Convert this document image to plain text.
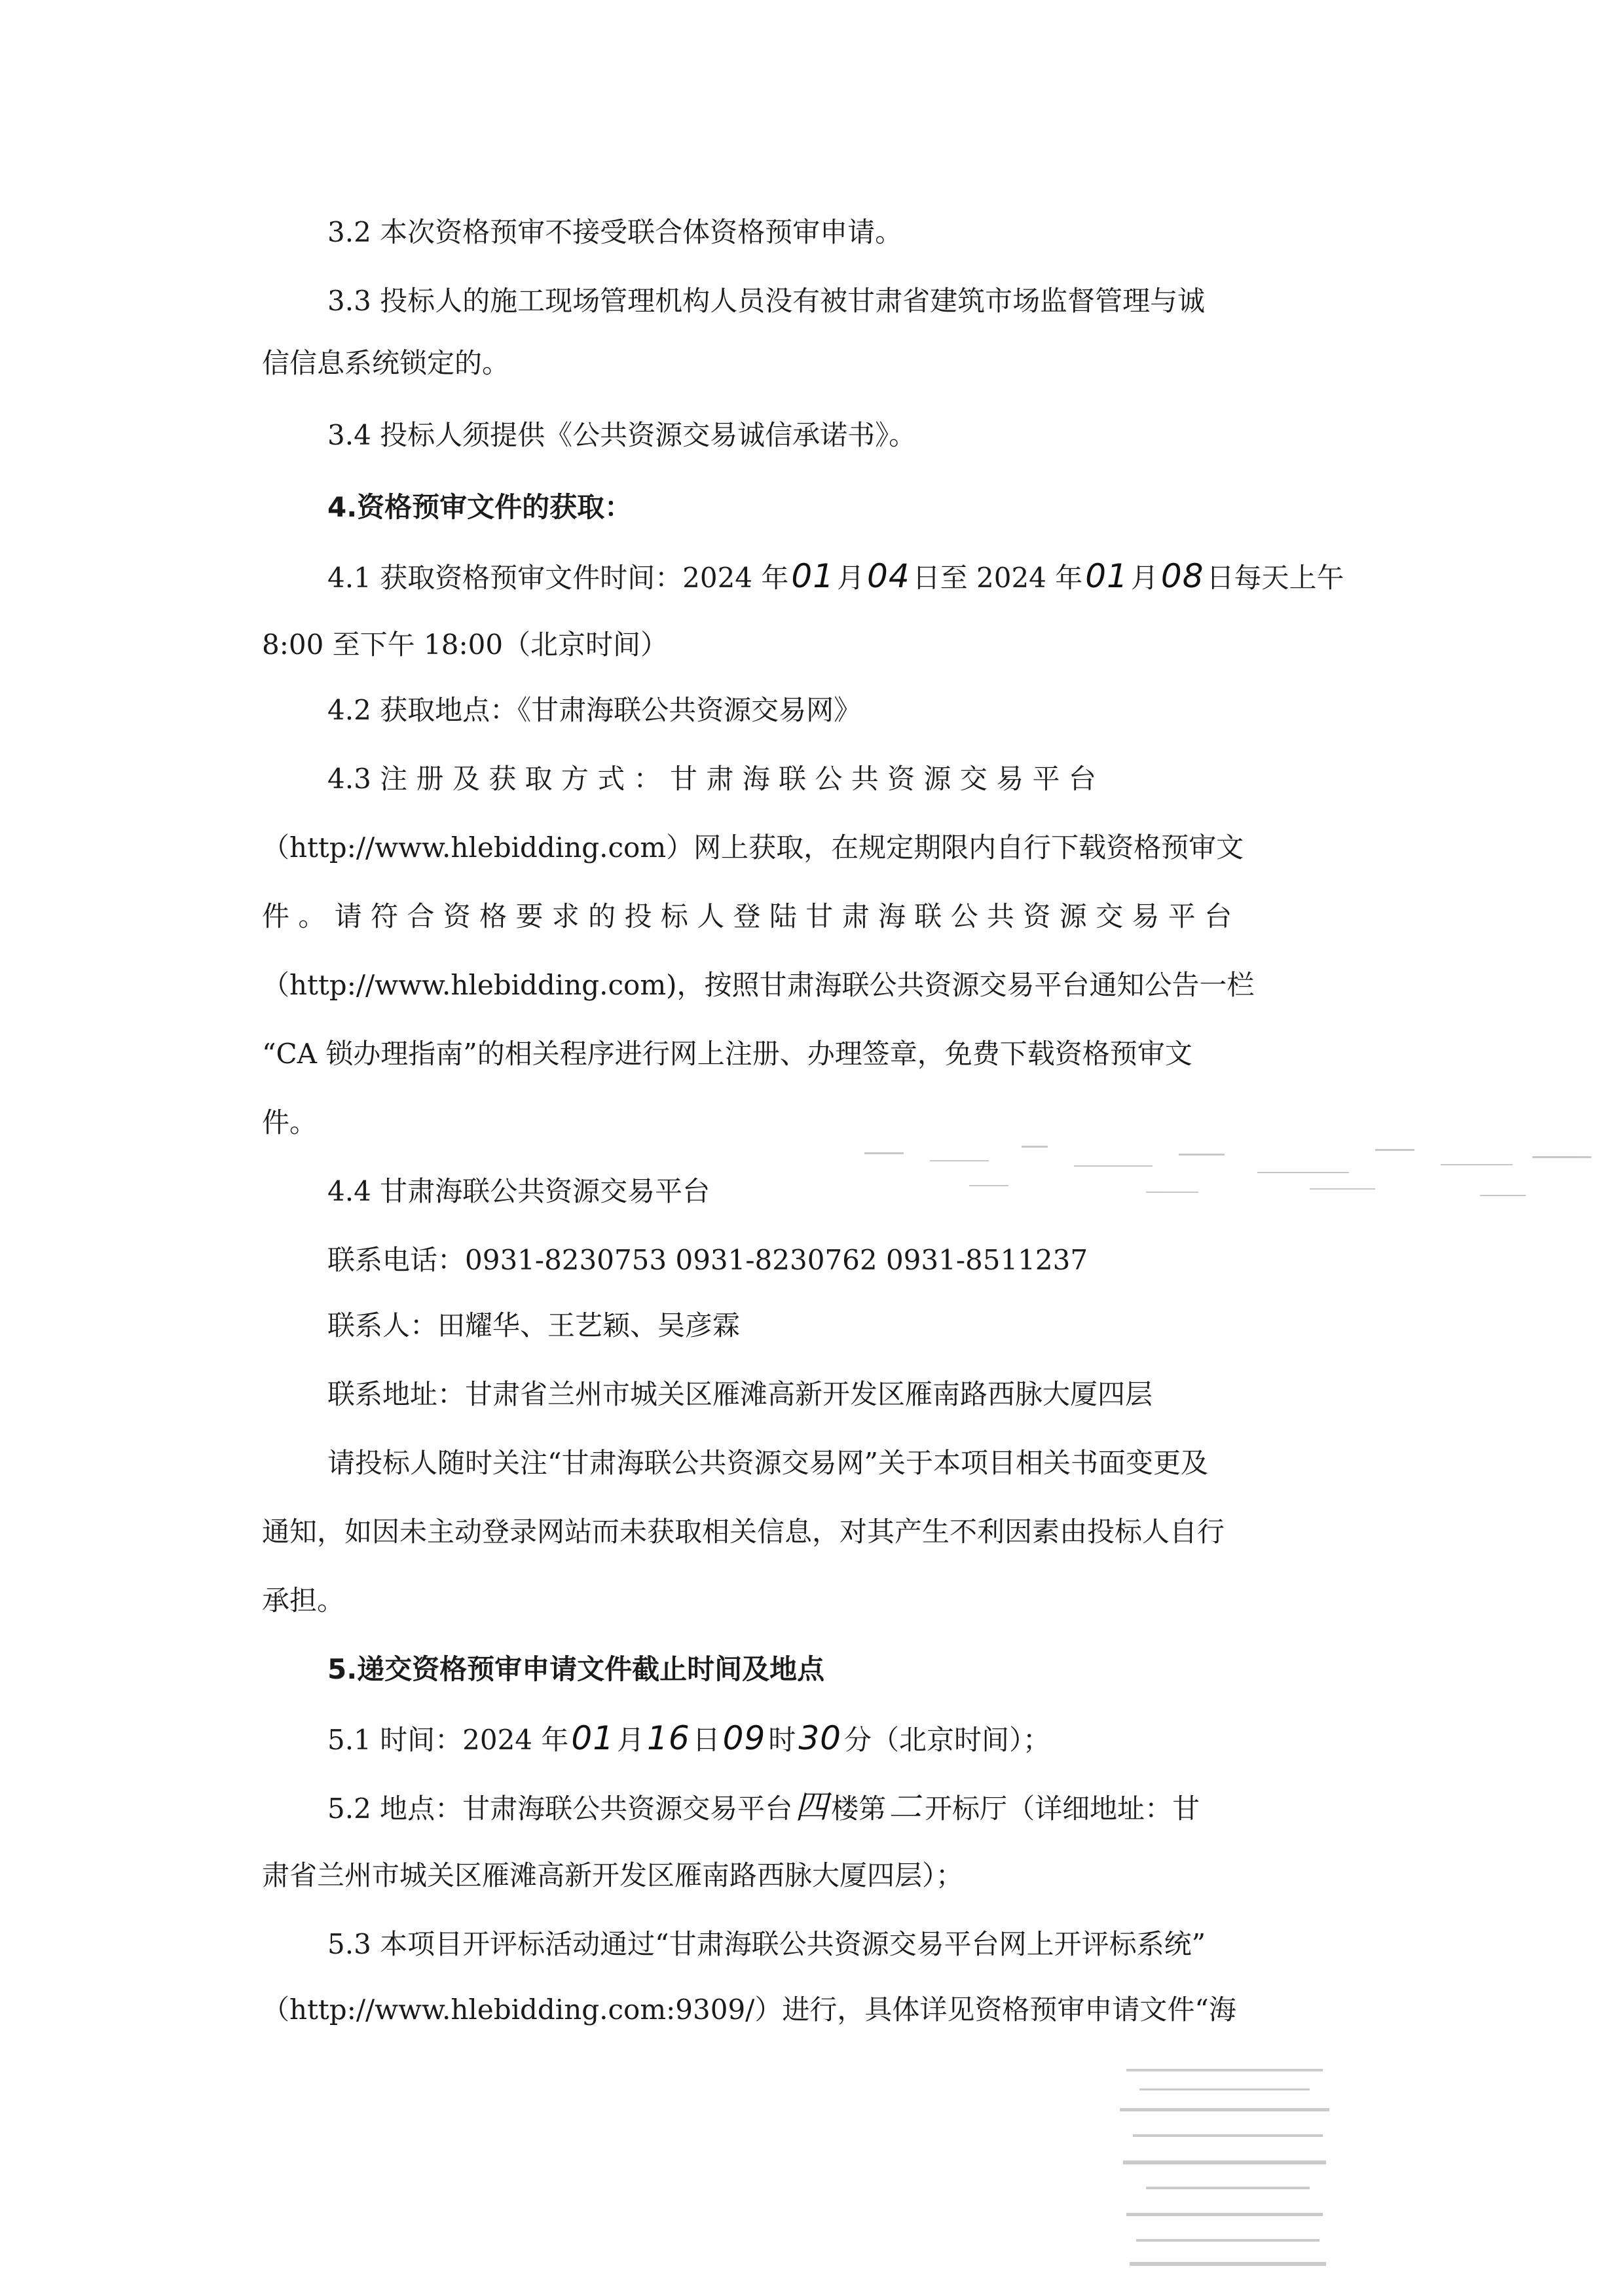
3.2 本次资格预审不接受联合体资格预审申请。
3.3 投标人的施工现场管理机构人员没有被甘肃省建筑市场监督管理与诚
信信息系统锁定的。
3.4 投标人须提供《公共资源交易诚信承诺书》。
4.资格预审文件的获取：
4.1 获取资格预审文件时间：2024 年01月04日至 2024 年01月08日每天上午
8:00 至下午 18:00（北京时间）
4.2 获取地点：《甘肃海联公共资源交易网》
4.3 注 册 及 获 取 方 式 ： 甘 肃 海 联 公 共 资 源 交 易 平 台
（http://www.hlebidding.com）网上获取，在规定期限内自行下载资格预审文
件 。 请 符 合 资 格 要 求 的 投 标 人 登 陆 甘 肃 海 联 公 共 资 源 交 易 平 台
（http://www.hlebidding.com)，按照甘肃海联公共资源交易平台通知公告一栏
“CA 锁办理指南”的相关程序进行网上注册、办理签章，免费下载资格预审文
件。
4.4 甘肃海联公共资源交易平台
联系电话：0931-8230753 0931-8230762 0931-8511237
联系人：田耀华、王艺颖、吴彦霖
联系地址：甘肃省兰州市城关区雁滩高新开发区雁南路西脉大厦四层
请投标人随时关注“甘肃海联公共资源交易网”关于本项目相关书面变更及
通知，如因未主动登录网站而未获取相关信息，对其产生不利因素由投标人自行
承担。
5.递交资格预审申请文件截止时间及地点
5.1 时间：2024 年01月16日09时30分（北京时间）；
5.2 地点：甘肃海联公共资源交易平台四楼第二开标厅（详细地址：甘
肃省兰州市城关区雁滩高新开发区雁南路西脉大厦四层）；
5.3 本项目开评标活动通过“甘肃海联公共资源交易平台网上开评标系统”
（http://www.hlebidding.com:9309/）进行，具体详见资格预审申请文件“海
